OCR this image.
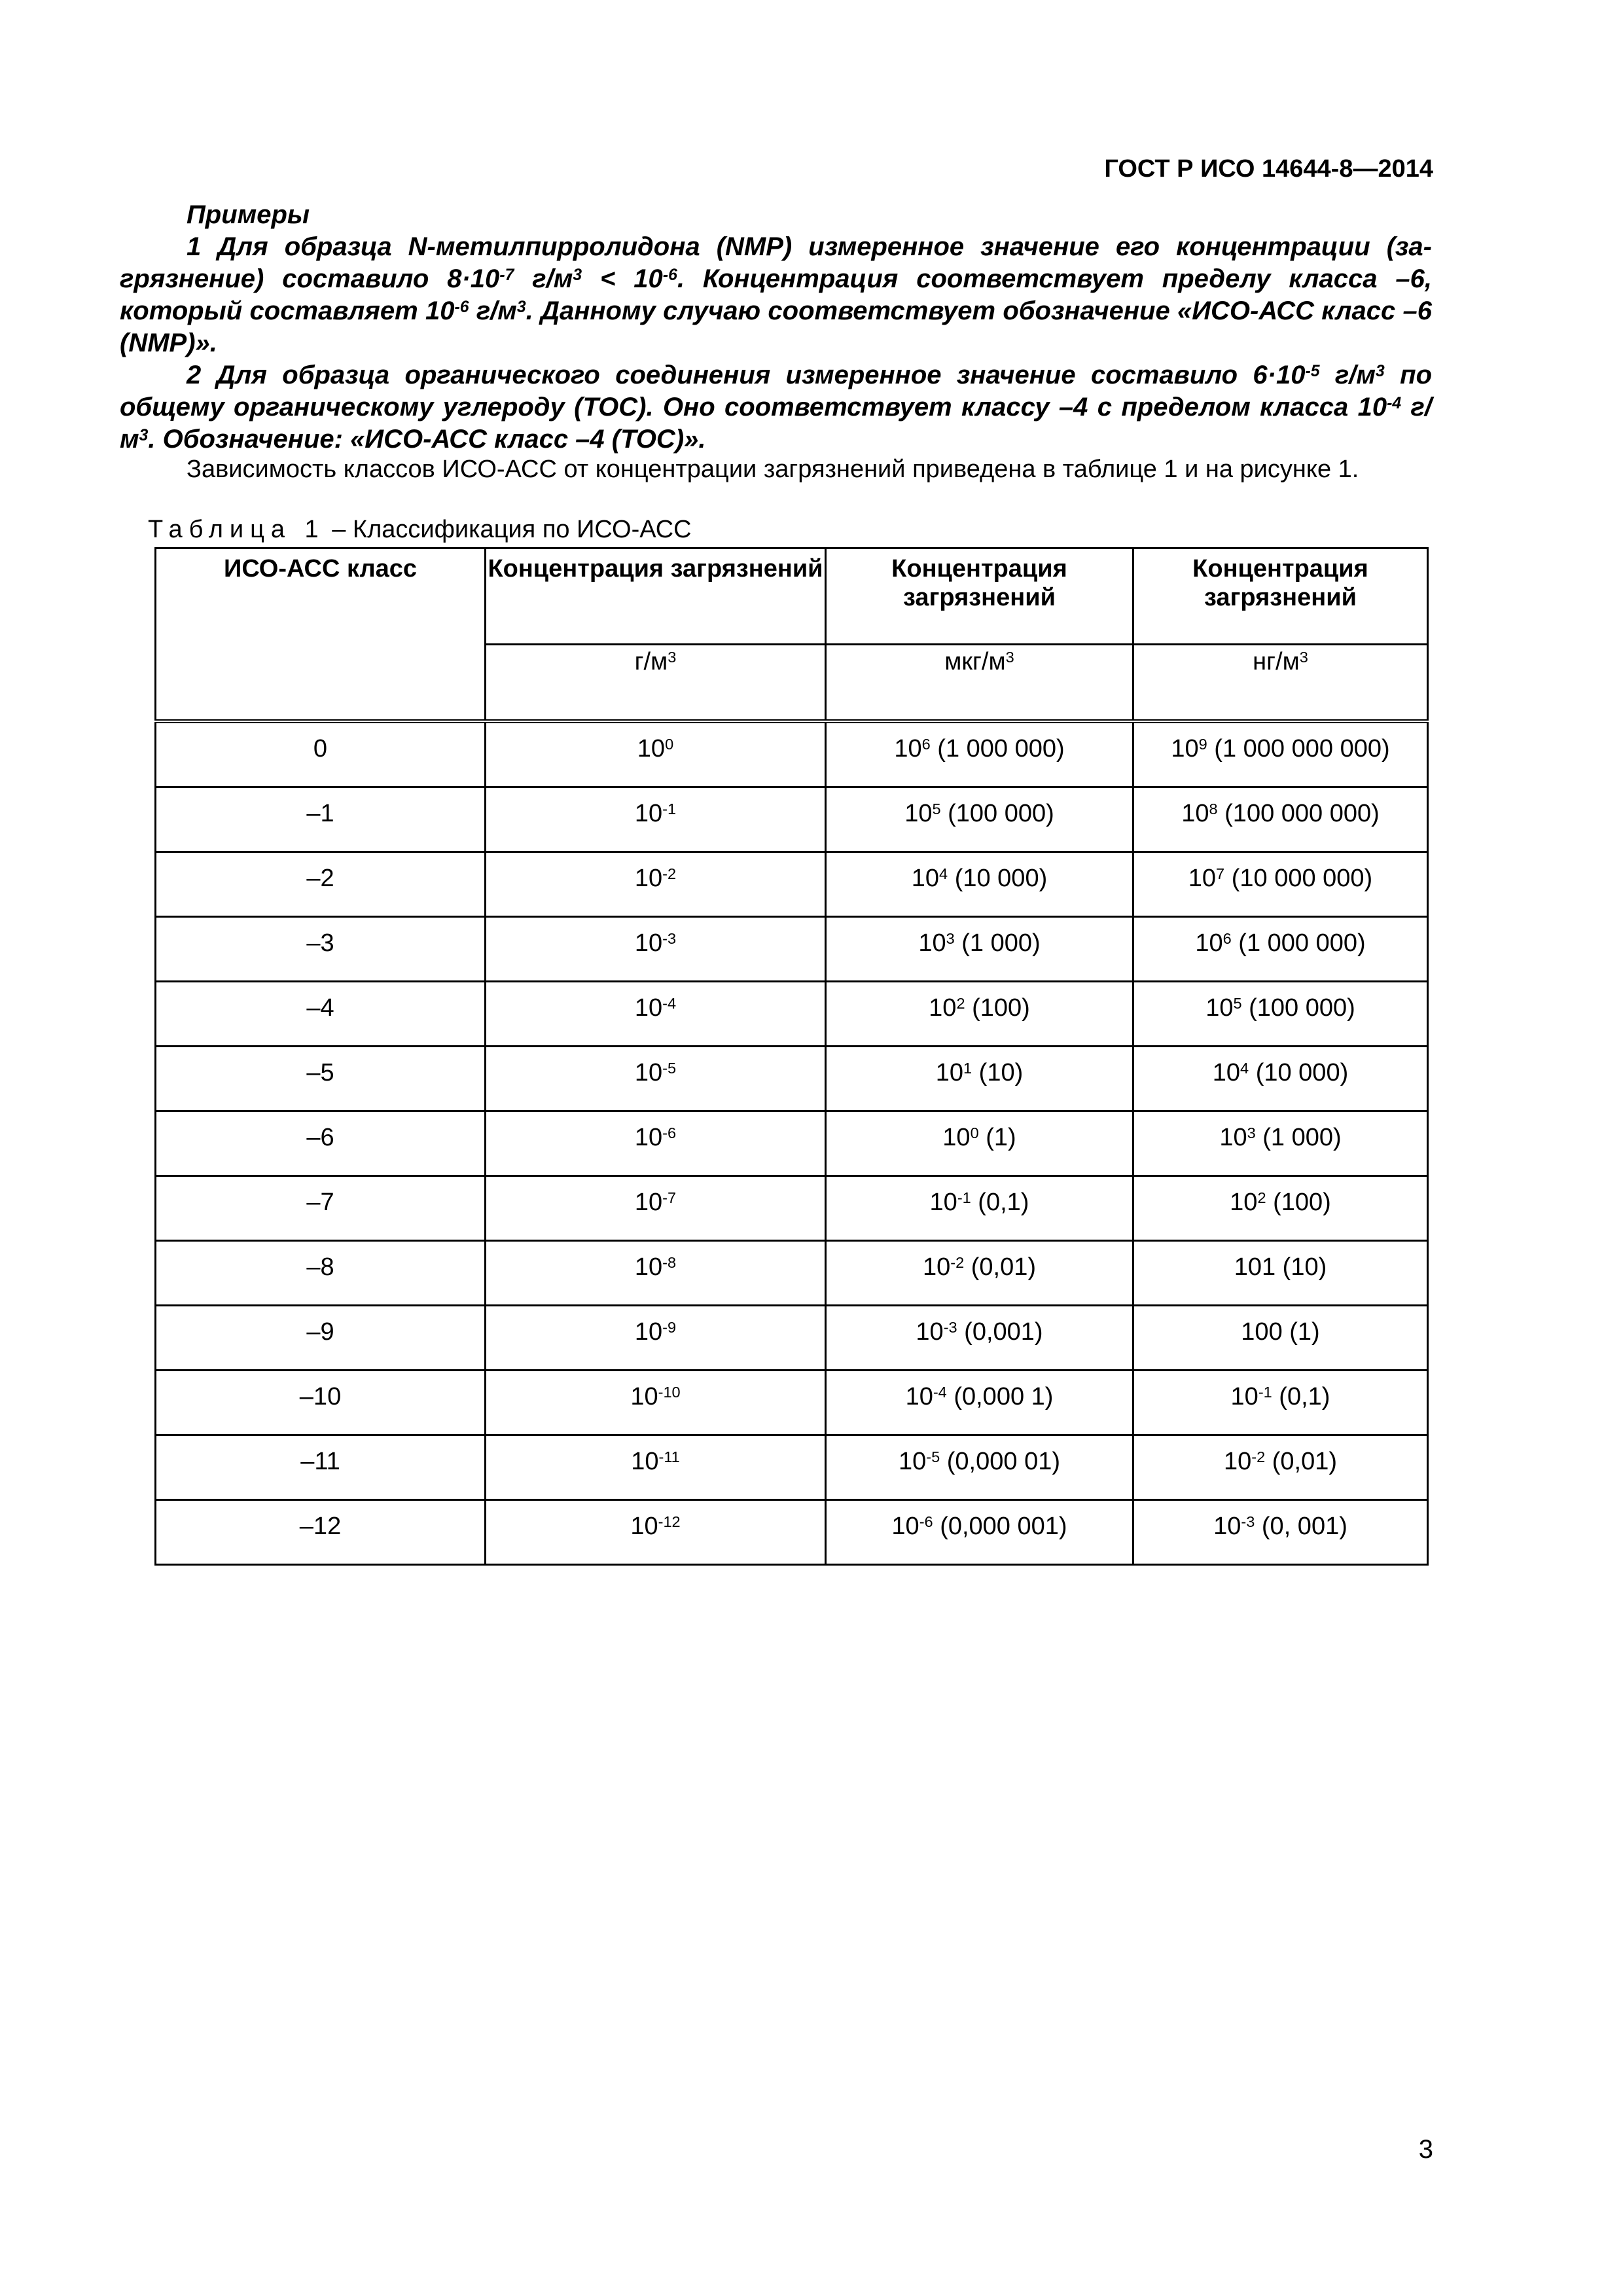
ГОСТ Р ИСО 14644-8—2014

Примеры

1 Для образца N-метилпирролидона (NMP) измеренное значение его концентрации (за-грязнение) составило $8\cdot 10^{-7}$ $г/м^3 < 10^{-6}$. Концентрация соответствует пределу класса –6, который составляет $10^{-6}$ $г/м^3$. Данному случаю соответствует обозначение «ИСО-АСС класс –6 (NMP)».

2 Для образца органического соединения измеренное значение составило $6\cdot 10^{-5}$ $г/м^3$ по общему органическому углероду (TOC). Оно соответствует классу –4 с пределом класса $10^{-4}$ $г/м^3$. Обозначение: «ИСО-АСС класс –4 (TOC)».

Зависимость классов ИСО-АСС от концентрации загрязнений приведена в таблице 1 и на рисунке 1.
Таблица 1 – Классификация по ИСО-АСС
ИСО-АСС класс	Концентрация загрязнений	Концентрация загрязнений	Концентрация загрязнений

	$г/м^3$	мкг/$м^3$	$нг/м^3$

0	$10^0$	$10^6$ (1 000 000)	$10^9$ (1 000 000 000)

–1	$10^{-1}$	$10^5$ (100 000)	$10^8$ (100 000 000)

–2	$10^{-2}$	$10^4$ (10 000)	$10^7$ (10 000 000)

–3	$10^{-3}$	$10^3$ (1 000)	$10^6$ (1 000 000)

–4	$10^{-4}$	$10^2$ (100)	$10^5$ (100 000)

–5	$10^{-5}$	$10^1$ (10)	$10^4$ (10 000)

–6	$10^{-6}$	$10^0$ (1)	$10^3$ (1 000)

–7	$10^{-7}$	$10^{-1}$ (0,1)	$10^2$ (100)

–8	$10^{-8}$	$10^{-2}$ (0,01)	101 (10)

–9	$10^{-9}$	$10^{-3}$ (0,001)	100 (1)

–10	$10^{-10}$	$10^{-4}$ (0,000 1)	$10^{-1}$ (0,1)

–11	$10^{-11}$	$10^{-5}$ (0,000 01)	$10^{-2}$ (0,01)

–12	$10^{-12}$	$10^{-6}$ (0,000 001)	$10^{-3}$ (0, 001)
3
